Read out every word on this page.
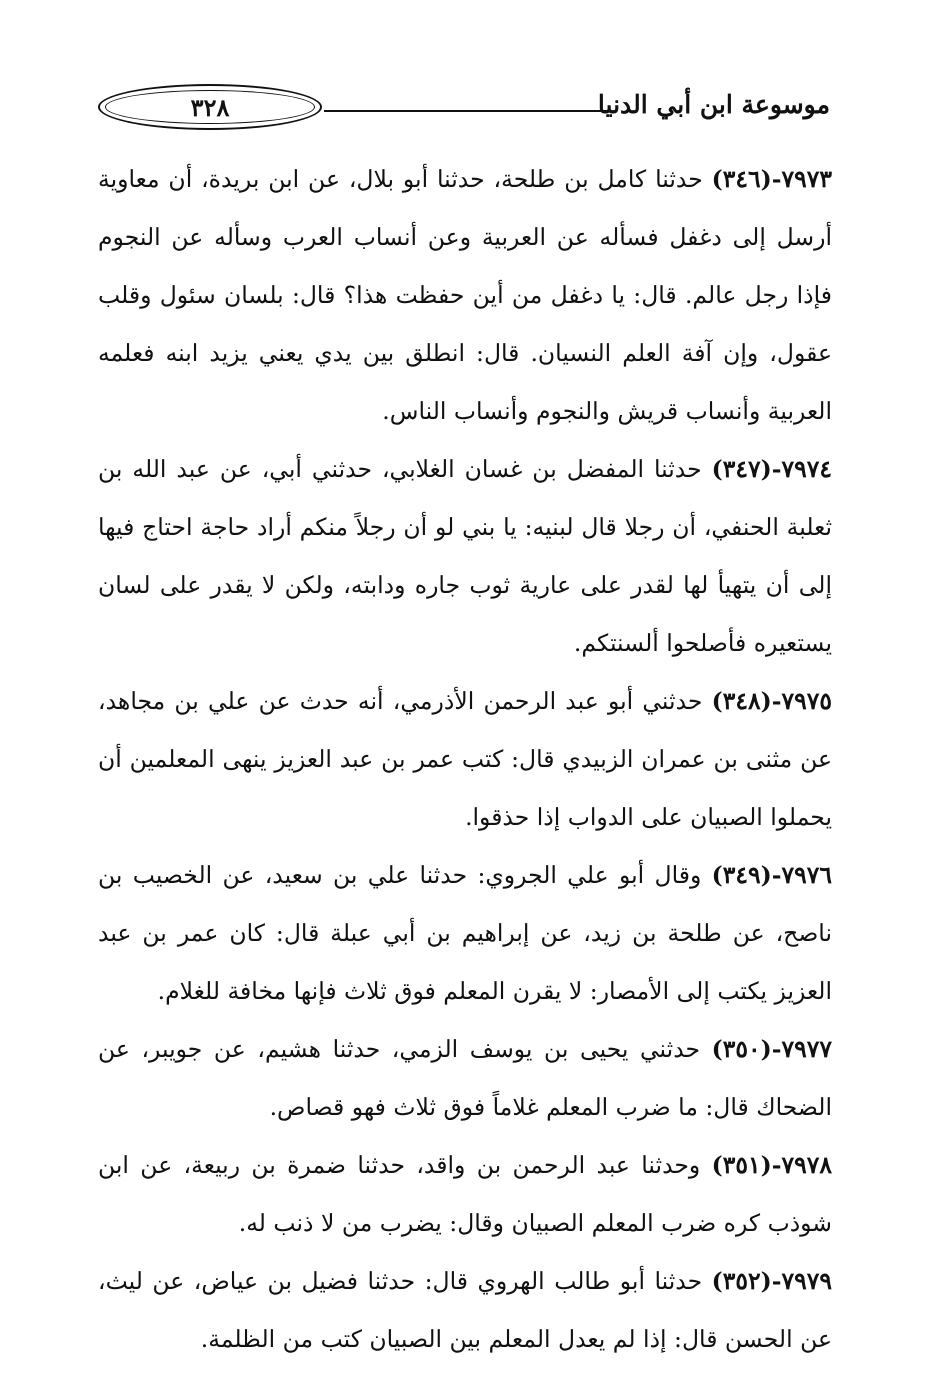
موسوعة ابن أبي الدنيا
٣٢٨

٧٩٧٣-(٣٤٦) حدثنا كامل بن طلحة، حدثنا أبو بلال، عن ابن بريدة، أن معاوية أرسل إلى دغفل فسأله عن العربية وعن أنساب العرب وسأله عن النجوم فإذا رجل عالم. قال: يا دغفل من أين حفظت هذا؟ قال: بلسان سئول وقلب عقول، وإن آفة العلم النسيان. قال: انطلق بين يدي يعني يزيد ابنه فعلمه العربية وأنساب قريش والنجوم وأنساب الناس.

٧٩٧٤-(٣٤٧) حدثنا المفضل بن غسان الغلابي، حدثني أبي، عن عبد الله بن ثعلبة الحنفي، أن رجلا قال لبنيه: يا بني لو أن رجلاً منكم أراد حاجة احتاج فيها إلى أن يتهيأ لها لقدر على عارية ثوب جاره ودابته، ولكن لا يقدر على لسان يستعيره فأصلحوا ألسنتكم.

٧٩٧٥-(٣٤٨) حدثني أبو عبد الرحمن الأذرمي، أنه حدث عن علي بن مجاهد، عن مثنى بن عمران الزبيدي قال: كتب عمر بن عبد العزيز ينهى المعلمين أن يحملوا الصبيان على الدواب إذا حذقوا.

٧٩٧٦-(٣٤٩) وقال أبو علي الجروي: حدثنا علي بن سعيد، عن الخصيب بن ناصح، عن طلحة بن زيد، عن إبراهيم بن أبي عبلة قال: كان عمر بن عبد العزيز يكتب إلى الأمصار: لا يقرن المعلم فوق ثلاث فإنها مخافة للغلام.

٧٩٧٧-(٣٥٠) حدثني يحيى بن يوسف الزمي، حدثنا هشيم، عن جويبر، عن الضحاك قال: ما ضرب المعلم غلاماً فوق ثلاث فهو قصاص.

٧٩٧٨-(٣٥١) وحدثنا عبد الرحمن بن واقد، حدثنا ضمرة بن ربيعة، عن ابن شوذب كره ضرب المعلم الصبيان وقال: يضرب من لا ذنب له.

٧٩٧٩-(٣٥٢) حدثنا أبو طالب الهروي قال: حدثنا فضيل بن عياض، عن ليث، عن الحسن قال: إذا لم يعدل المعلم بين الصبيان كتب من الظلمة.
